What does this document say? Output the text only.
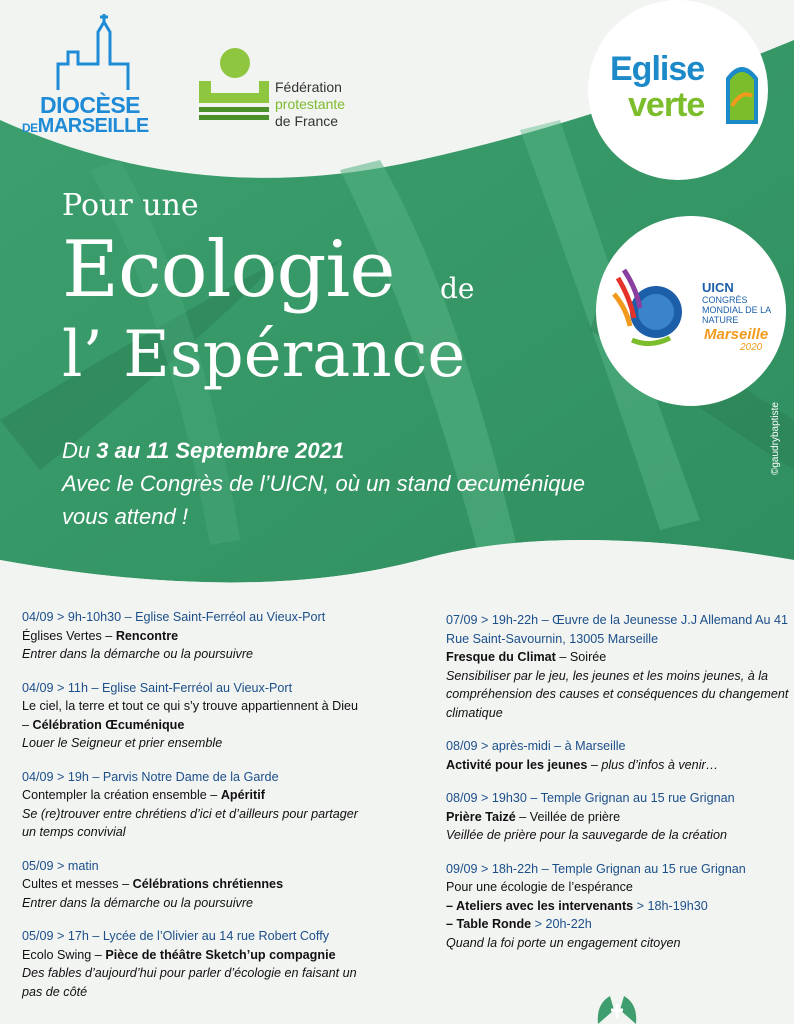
DIOCÈSE
DEMARSEILLE
Fédération
protestante
de France
Eglise
verte
UICN
CONGRÈS
MONDIAL DE LA
NATURE
Marseille
2020
Pour une
Ecologie de
l’ Espérance
Du 3 au 11 Septembre 2021
Avec le Congrès de l’UICN, où un stand œcuménique
vous attend !
©gaudrybaptiste
04/09 > 9h-10h30 – Eglise Saint-Ferréol au Vieux-Port
Églises Vertes – Rencontre
Entrer dans la démarche ou la poursuivre
04/09 > 11h – Eglise Saint-Ferréol au Vieux-Port
Le ciel, la terre et tout ce qui s’y trouve appartiennent à Dieu – Célébration Œcuménique
Louer le Seigneur et prier ensemble
04/09 > 19h – Parvis Notre Dame de la Garde
Contempler la création ensemble – Apéritif
Se (re)trouver entre chrétiens d’ici et d’ailleurs pour partager un temps convivial
05/09 > matin
Cultes et messes – Célébrations chrétiennes
Entrer dans la démarche ou la poursuivre
05/09 > 17h – Lycée de l’Olivier au 14 rue Robert Coffy
Ecolo Swing – Pièce de théâtre Sketch’up compagnie
Des fables d’aujourd’hui pour parler d’écologie en faisant un pas de côté
07/09 > 19h-22h – Œuvre de la Jeunesse J.J Allemand Au 41 Rue Saint-Savournin, 13005 Marseille
Fresque du Climat – Soirée
Sensibiliser par le jeu, les jeunes et les moins jeunes, à la compréhension des causes et conséquences du changement climatique
08/09 > après-midi – à Marseille
Activité pour les jeunes – plus d’infos à venir…
08/09 > 19h30 – Temple Grignan au 15 rue Grignan
Prière Taizé – Veillée de prière
Veillée de prière pour la sauvegarde de la création
09/09 > 18h-22h – Temple Grignan au 15 rue Grignan
Pour une écologie de l’espérance
– Ateliers avec les intervenants > 18h-19h30
– Table Ronde > 20h-22h
Quand la foi porte un engagement citoyen
